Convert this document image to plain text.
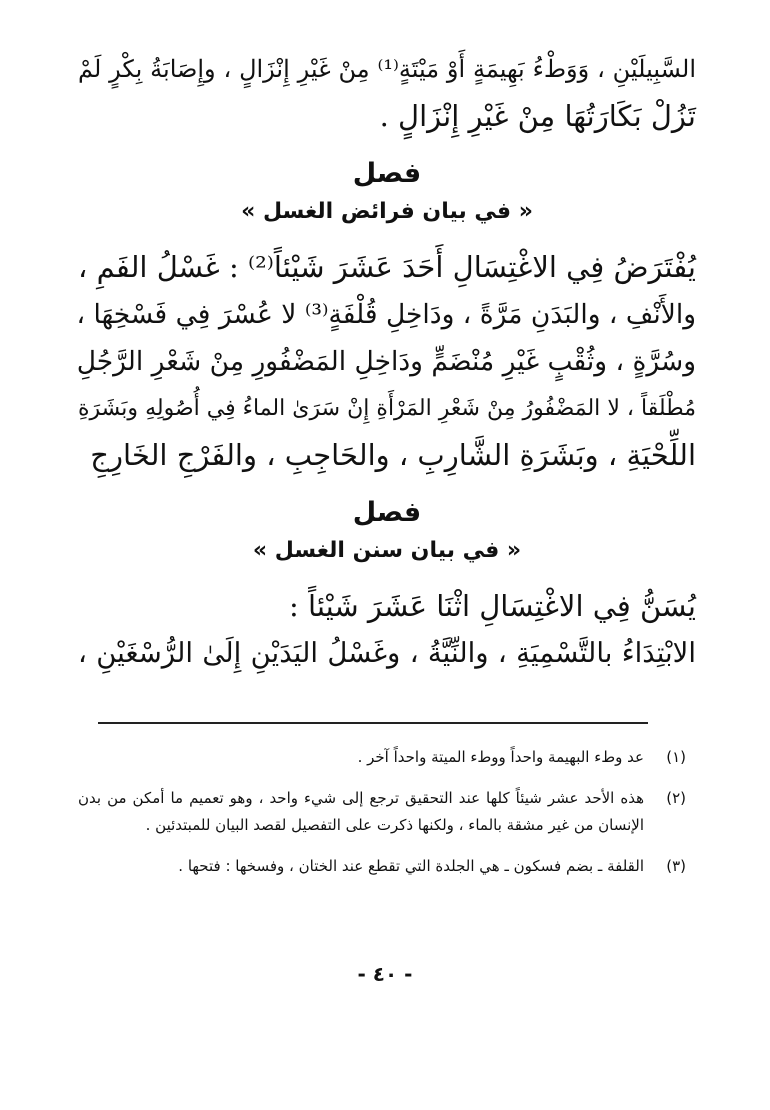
السَّبِيلَيْنِ ، وَوَطْءُ بَهِيمَةٍ أَوْ مَيْتَةٍ⁽¹⁾ مِنْ غَيْرِ إِنْزَالٍ ، وإِصَابَةُ بِكْرٍ لَمْ
تَزُلْ بَكَارَتُهَا مِنْ غَيْرِ إِنْزَالٍ .
فصل
« في بيان فرائض الغسل »
يُفْتَرَضُ فِي الاغْتِسَالِ أَحَدَ عَشَرَ شَيْئاً⁽²⁾ : غَسْلُ الفَمِ ،
والأَنْفِ ، والبَدَنِ مَرَّةً ، ودَاخِلِ قُلْفَةٍ⁽³⁾ لا عُسْرَ فِي فَسْخِهَا ،
وسُرَّةٍ ، وثُقْبٍ غَيْرِ مُنْضَمٍّ ودَاخِلِ المَضْفُورِ مِنْ شَعْرِ الرَّجُلِ
مُطْلَقاً ، لا المَضْفُورُ مِنْ شَعْرِ المَرْأَةِ إِنْ سَرَىٰ الماءُ فِي أُصُولِهِ وبَشَرَةِ
اللِّحْيَةِ ، وبَشَرَةِ الشَّارِبِ ، والحَاجِبِ ، والفَرْجِ الخَارِجِ
فصل
« في بيان سنن الغسل »
يُسَنُّ فِي الاغْتِسَالِ اثْنَا عَشَرَ شَيْئاً :
الابْتِدَاءُ بالتَّسْمِيَةِ ، والنِّيَّةُ ، وغَسْلُ اليَدَيْنِ إِلَىٰ الرُّسْغَيْنِ ،
(١)
عد وطء البهيمة واحداً ووطء الميتة واحداً آخر .
(٢)
هذه الأحد عشر شيئاً كلها عند التحقيق ترجع إلى شيء واحد ، وهو تعميم ما أمكن من بدن الإنسان من غير مشقة بالماء ، ولكنها ذكرت على التفصيل لقصد البيان للمبتدئين .
(٣)
القلفة ـ بضم فسكون ـ هي الجلدة التي تقطع عند الختان ، وفسخها : فتحها .
- ٤٠ -
